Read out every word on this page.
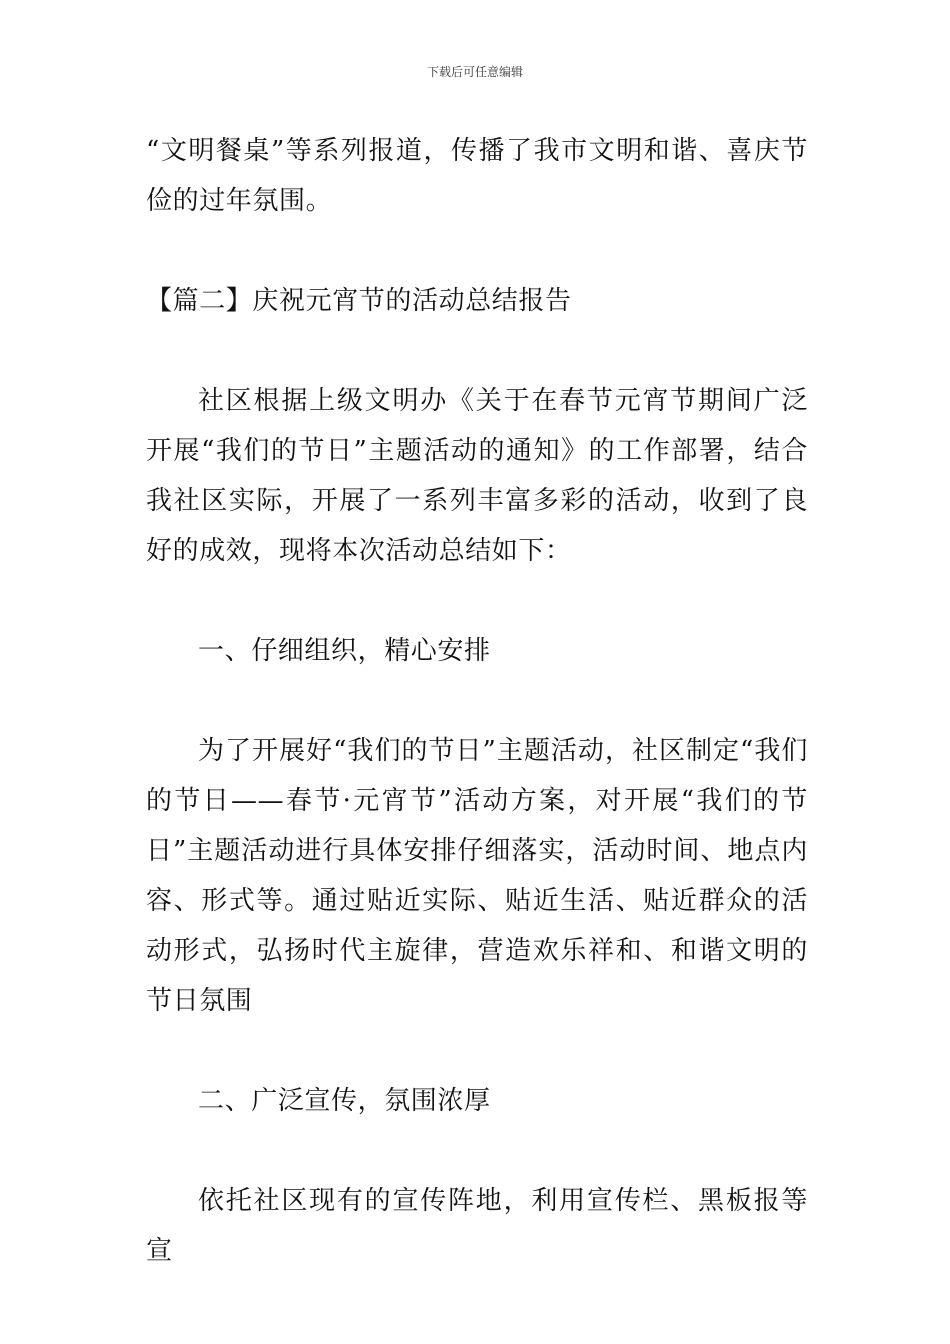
下载后可任意编辑

“文明餐桌”等系列报道，传播了我市文明和谐、喜庆节俭的过年氛围。

【篇二】庆祝元宵节的活动总结报告

社区根据上级文明办《关于在春节元宵节期间广泛开展“我们的节日”主题活动的通知》的工作部署，结合我社区实际，开展了一系列丰富多彩的活动，收到了良好的成效，现将本次活动总结如下：

一、仔细组织，精心安排

为了开展好“我们的节日”主题活动，社区制定“我们的节日——春节·元宵节”活动方案，对开展“我们的节日”主题活动进行具体安排仔细落实，活动时间、地点内容、形式等。通过贴近实际、贴近生活、贴近群众的活动形式，弘扬时代主旋律，营造欢乐祥和、和谐文明的节日氛围

二、广泛宣传，氛围浓厚

依托社区现有的宣传阵地，利用宣传栏、黑板报等宣
